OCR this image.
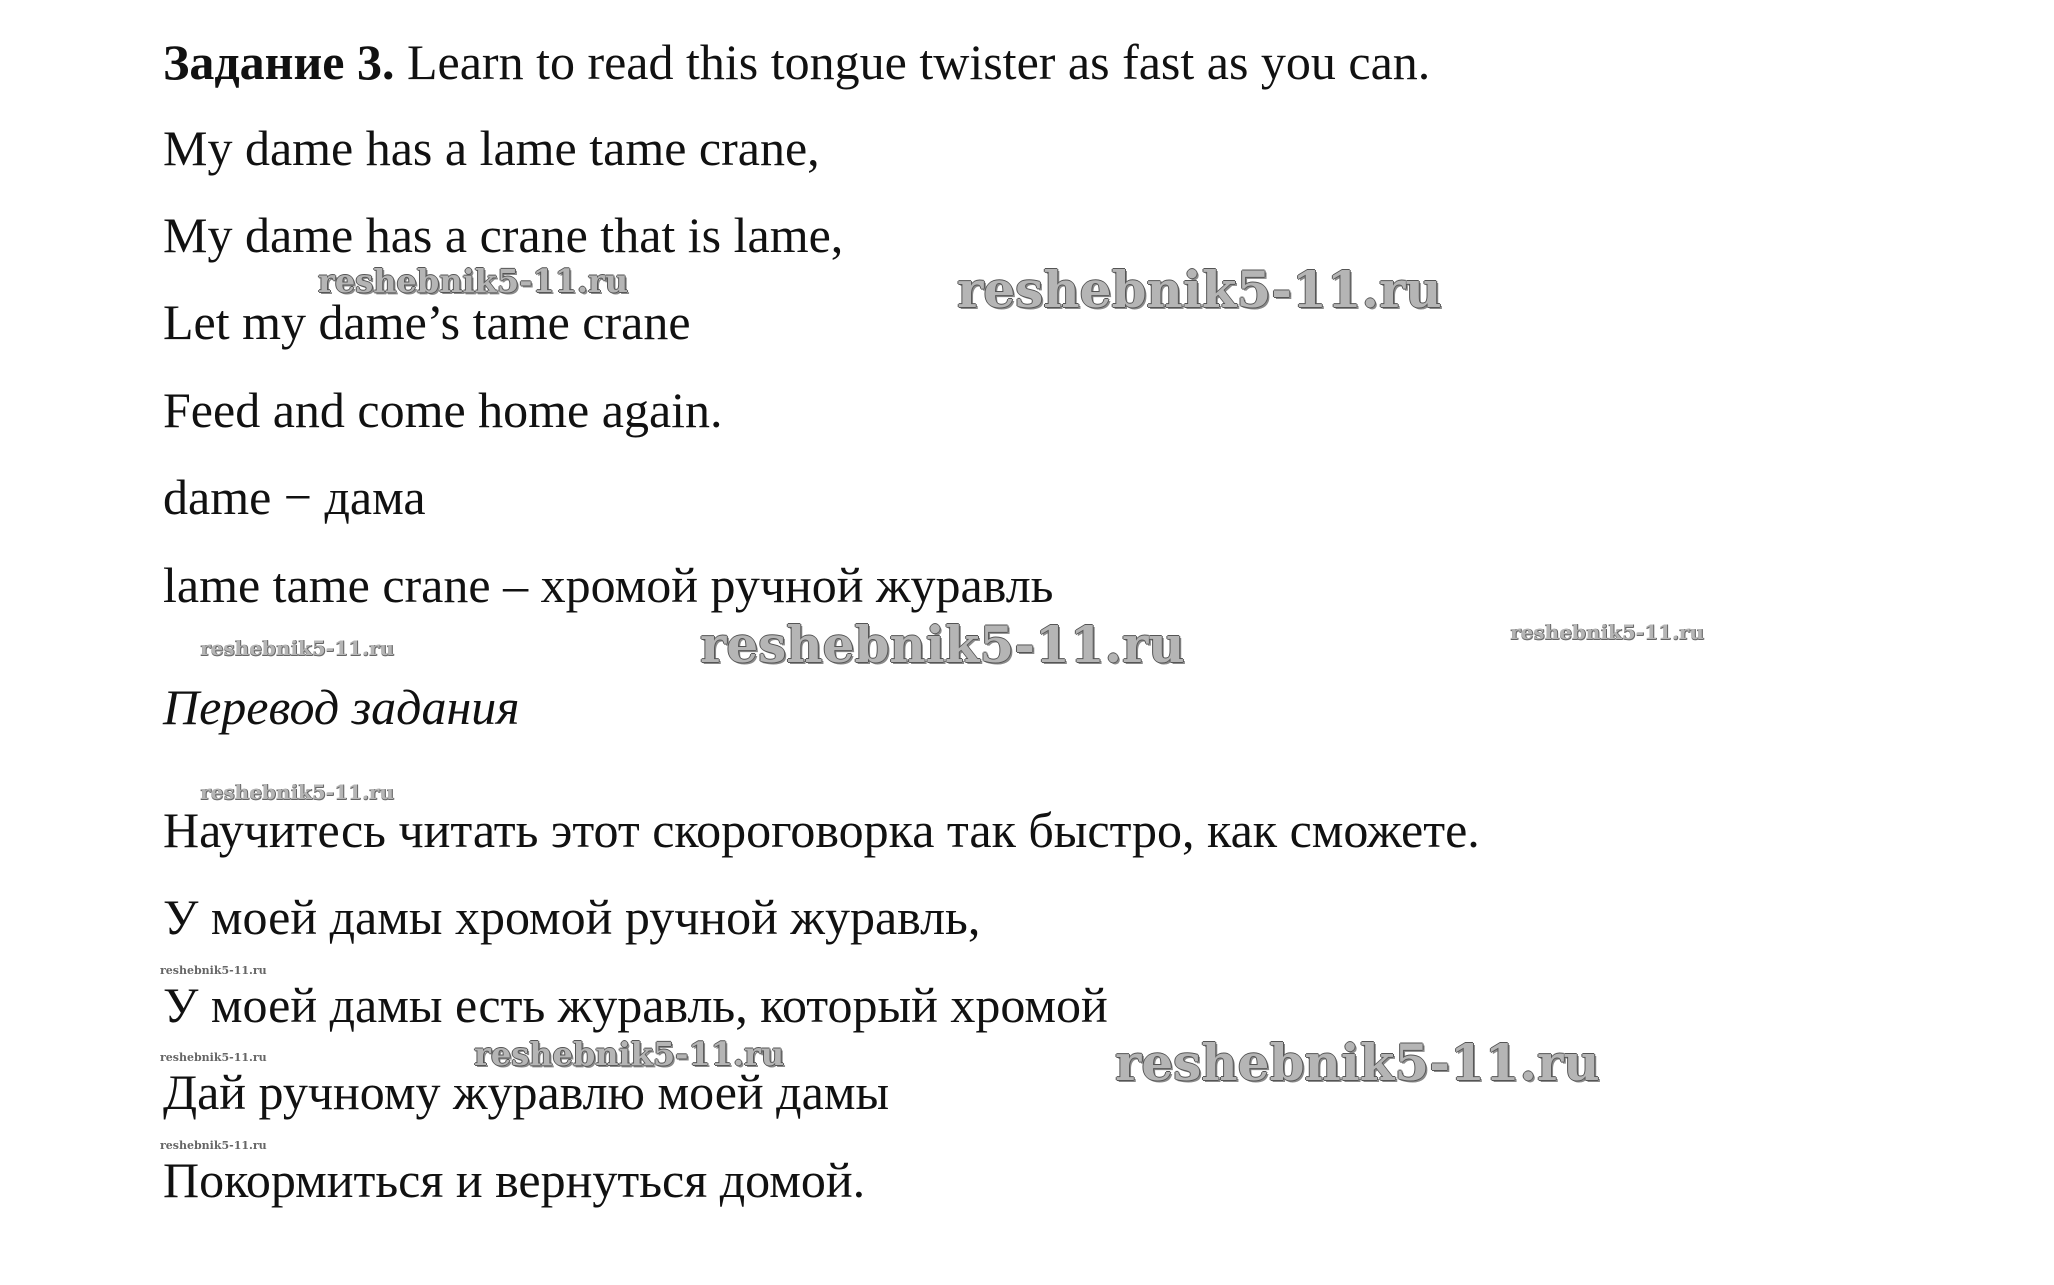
Задание 3. Learn to read this tongue twister as fast as you can.

My dame has a lame tame crane,

My dame has a crane that is lame,

Let my dame’s tame crane

Feed and come home again.

dame − дама

lame tame crane – хромой ручной журавль

Перевод задания

Научитесь читать этот скороговорка так быстро, как сможете.

У моей дамы хромой ручной журавль,

У моей дамы есть журавль, который хромой

Дай ручному журавлю моей дамы

Покормиться и вернуться домой.

reshebnik5-11.ru	reshebnik5-11.ru
reshebnik5-11.ru	reshebnik5-11.ru	reshebnik5-11.ru
reshebnik5-11.ru
reshebnik5-11.ru
reshebnik5-11.ru	reshebnik5-11.ru	reshebnik5-11.ru
reshebnik5-11.ru
